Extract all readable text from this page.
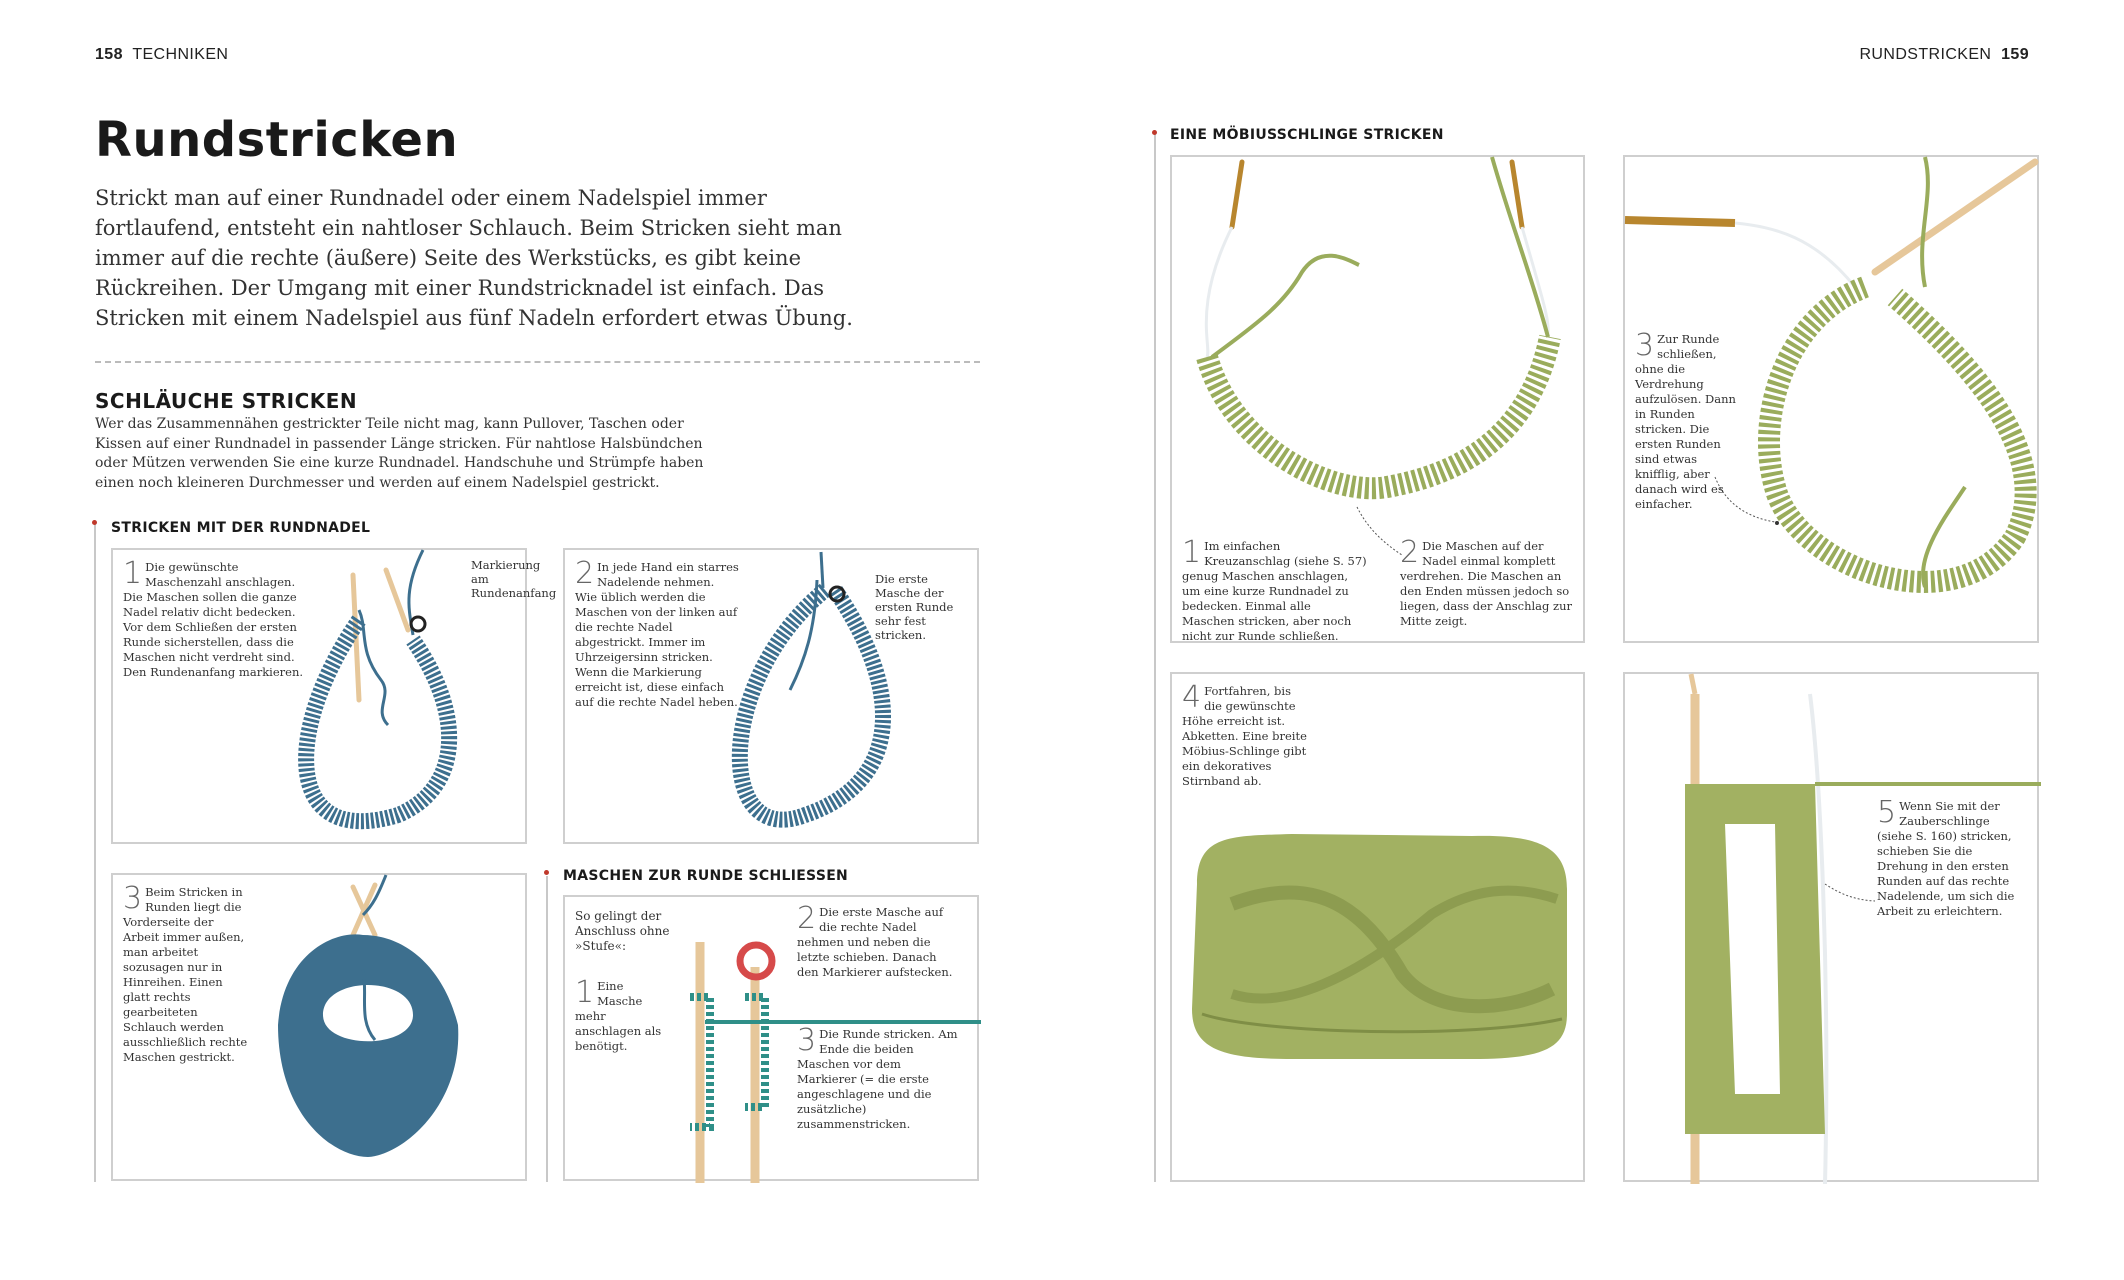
158 TECHNIKEN	RUNDSTRICKEN 159
Rundstricken

Strickt man auf einer Rundnadel oder einem Nadelspiel immer fortlaufend, entsteht ein nahtloser Schlauch. Beim Stricken sieht man immer auf die rechte (äußere) Seite des Werkstücks, es gibt keine Rückreihen. Der Umgang mit einer Rundstricknadel ist einfach. Das Stricken mit einem Nadelspiel aus fünf Nadeln erfordert etwas Übung.

SCHLÄUCHE STRICKEN

Wer das Zusammennähen gestrickter Teile nicht mag, kann Pullover, Taschen oder Kissen auf einer Rundnadel in passender Länge stricken. Für nahtlose Halsbündchen oder Mützen verwenden Sie eine kurze Rundnadel. Handschuhe und Strümpfe haben einen noch kleineren Durchmesser und werden auf einem Nadelspiel gestrickt.

STRICKEN MIT DER RUNDNADEL
1 Die gewünschte Maschenzahl anschlagen. Die Maschen sollen die ganze Nadel relativ dicht bedecken. Vor dem Schließen der ersten Runde sicherstellen, dass die Maschen nicht verdreht sind. Den Rundenanfang markieren.
Markierung am Rundenanfang
2 In jede Hand ein starres Nadelende nehmen. Wie üblich werden die Maschen von der linken auf die rechte Nadel abgestrickt. Immer im Uhrzeigersinn stricken. Wenn die Markierung erreicht ist, diese einfach auf die rechte Nadel heben.
Die erste Masche der ersten Runde sehr fest stricken.
3 Beim Stricken in Runden liegt die Vorderseite der Arbeit immer außen, man arbeitet sozusagen nur in Hinreihen. Einen glatt rechts gearbeiteten Schlauch werden ausschließlich rechte Maschen gestrickt.
MASCHEN ZUR RUNDE SCHLIESSEN
So gelingt der Anschluss ohne »Stufe«:
1 Eine Masche mehr anschlagen als benötigt.
2 Die erste Masche auf die rechte Nadel nehmen und neben die letzte schieben. Danach den Markierer aufstecken.
3 Die Runde stricken. Am Ende die beiden Maschen vor dem Markierer (= die erste angeschlagene und die zusätzliche) zusammenstricken.
EINE MÖBIUSSCHLINGE STRICKEN
1 Im einfachen Kreuzanschlag (siehe S. 57) genug Maschen anschlagen, um eine kurze Rundnadel zu bedecken. Einmal alle Maschen stricken, aber noch nicht zur Runde schließen.
2 Die Maschen auf der Nadel einmal komplett verdrehen. Die Maschen an den Enden müssen jedoch so liegen, dass der Anschlag zur Mitte zeigt.
3 Zur Runde schließen, ohne die Verdrehung aufzulösen. Dann in Runden stricken. Die ersten Runden sind etwas knifflig, aber danach wird es einfacher.
4 Fortfahren, bis die gewünschte Höhe erreicht ist. Abketten. Eine breite Möbius-Schlinge gibt ein dekoratives Stirnband ab.
5 Wenn Sie mit der Zauberschlinge (siehe S. 160) stricken, schieben Sie die Drehung in den ersten Runden auf das rechte Nadelende, um sich die Arbeit zu erleichtern.
